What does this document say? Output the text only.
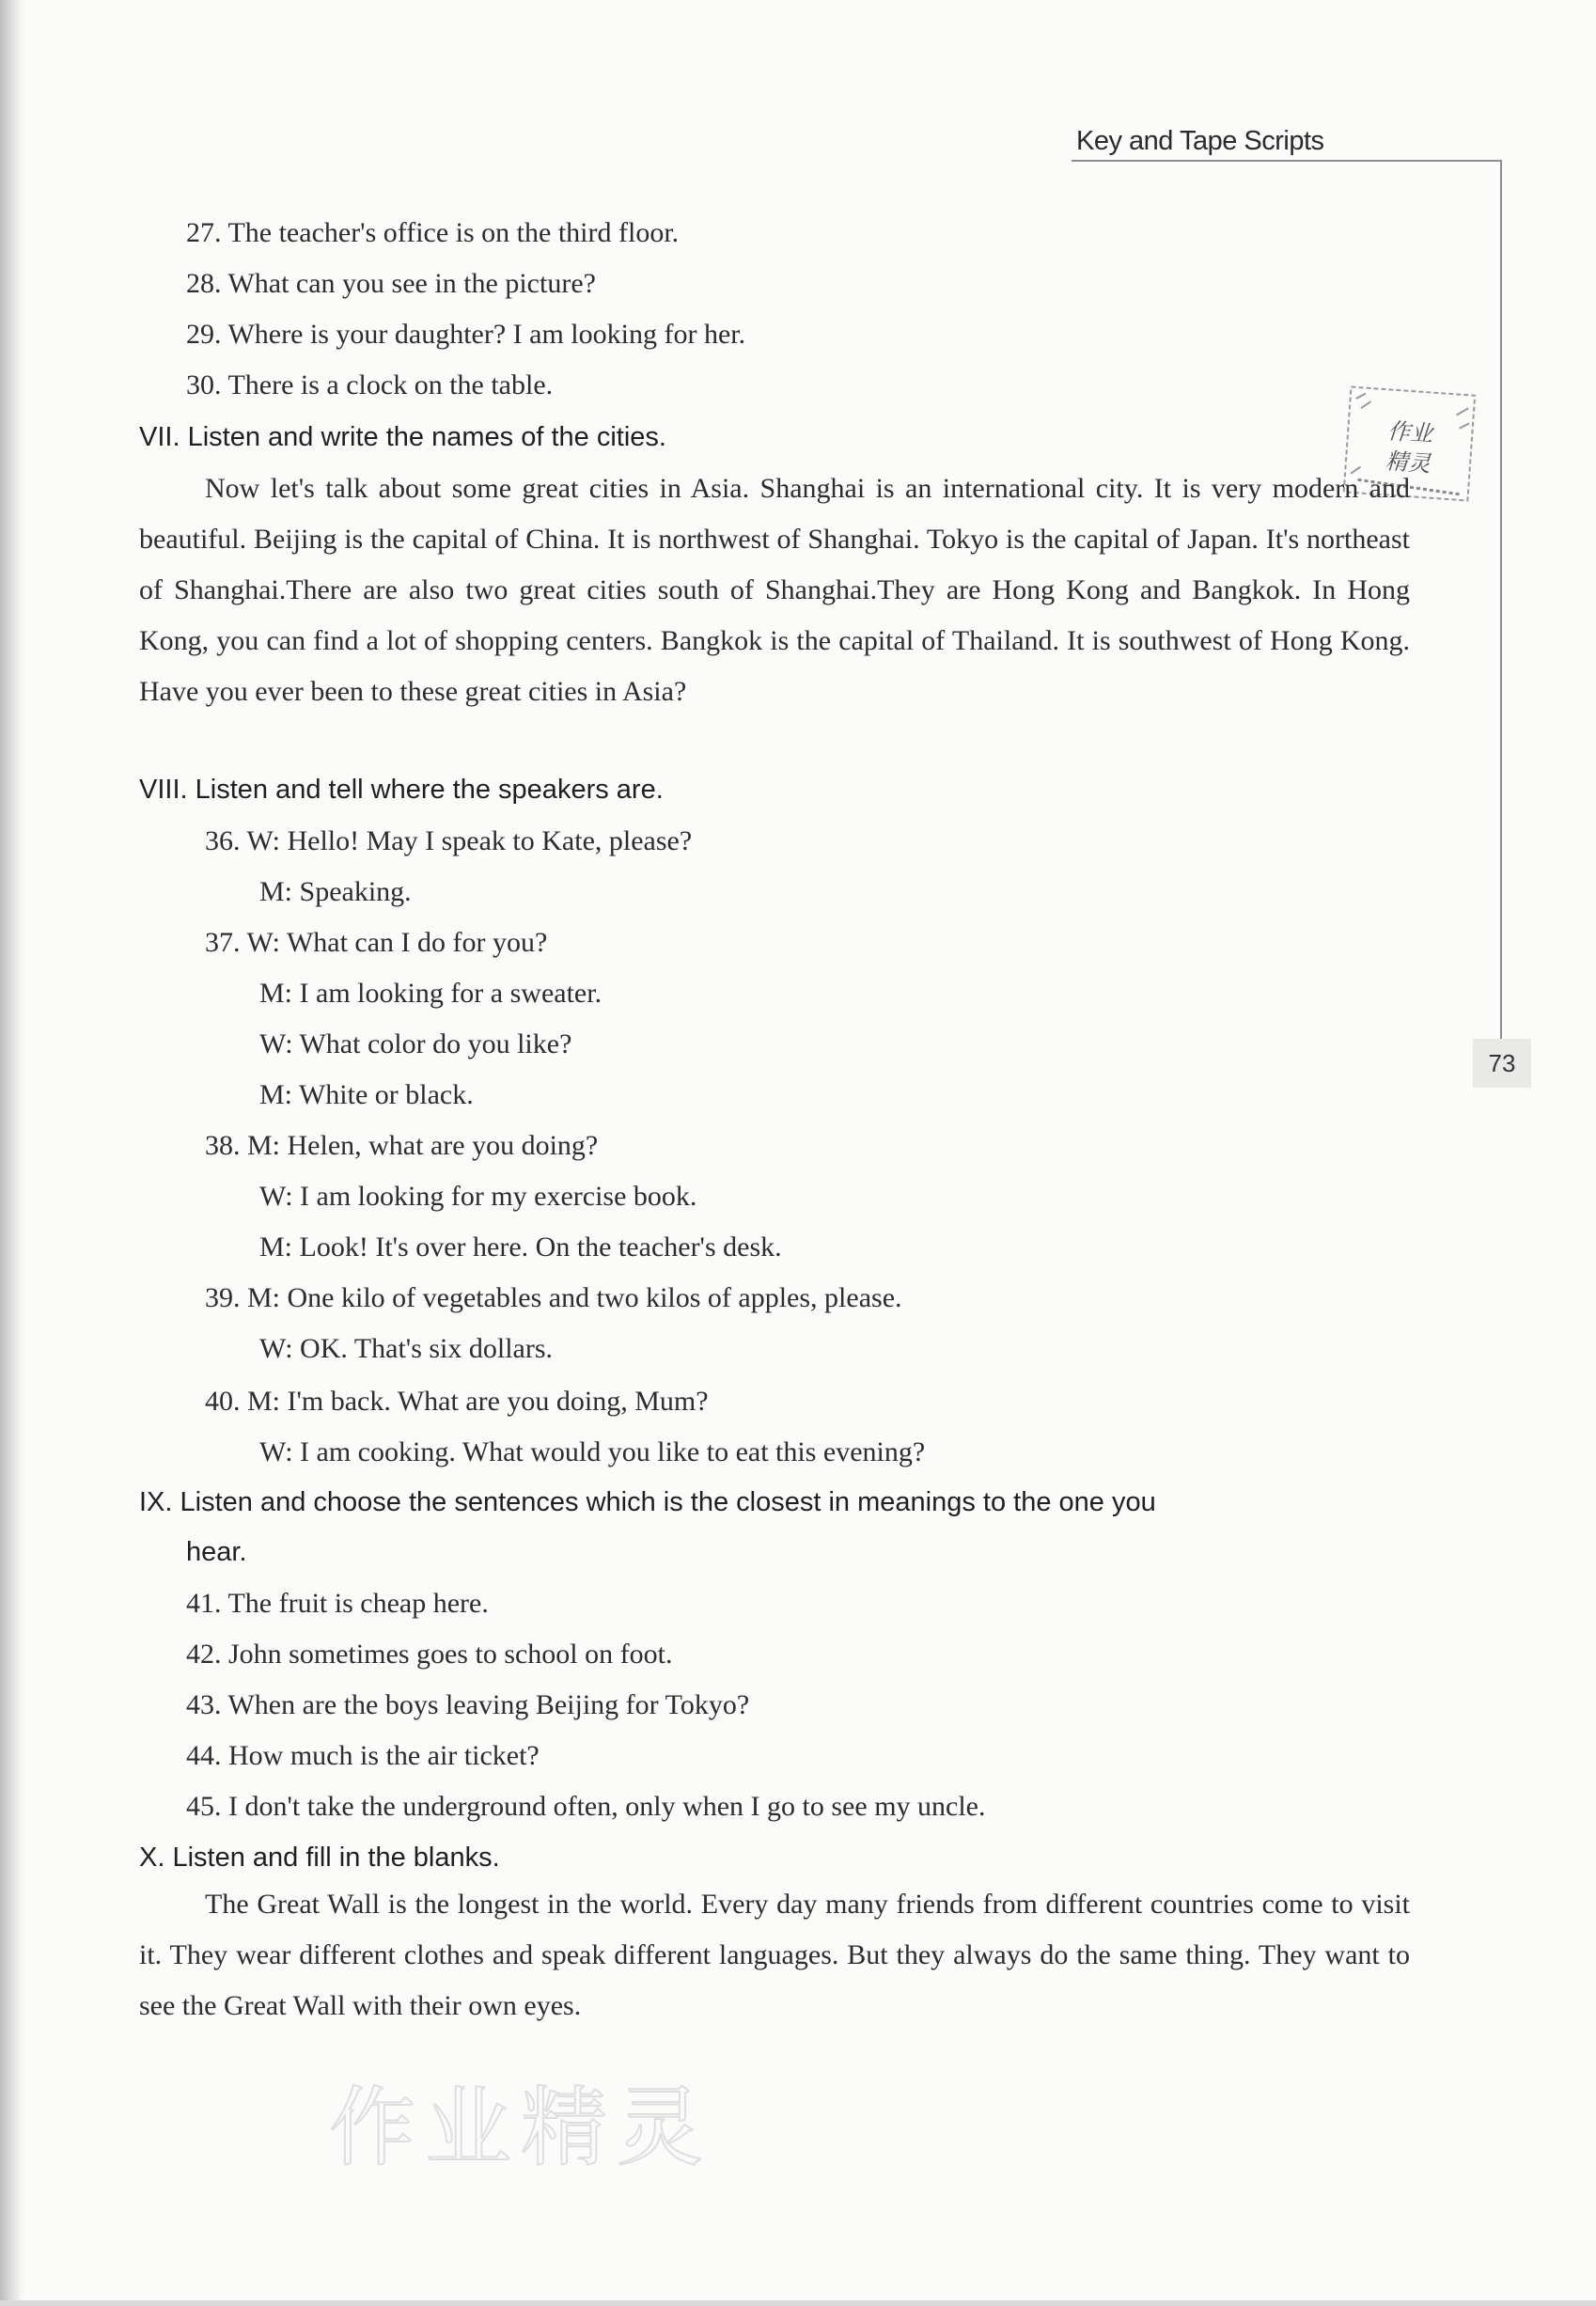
Key and Tape Scripts
73
作业
精灵
27. The teacher's office is on the third floor.
28. What can you see in the picture?
29. Where is your daughter? I am looking for her.
30. There is a clock on the table.
VII. Listen and write the names of the cities.
Now let's talk about some great cities in Asia. Shanghai is an international city. It is very modern and beautiful. Beijing is the capital of China. It is northwest of Shanghai. Tokyo is the capital of Japan. It's northeast of Shanghai.There are also two great cities south of Shanghai.They are Hong Kong and Bangkok. In Hong Kong, you can find a lot of shopping centers. Bangkok is the capital of Thailand. It is southwest of Hong Kong. Have you ever been to these great cities in Asia?
VIII. Listen and tell where the speakers are.
36. W: Hello! May I speak to Kate, please?
M: Speaking.
37. W: What can I do for you?
M: I am looking for a sweater.
W: What color do you like?
M: White or black.
38. M: Helen, what are you doing?
W: I am looking for my exercise book.
M: Look! It's over here. On the teacher's desk.
39. M: One kilo of vegetables and two kilos of apples, please.
W: OK. That's six dollars.
40. M: I'm back. What are you doing, Mum?
W: I am cooking. What would you like to eat this evening?
IX. Listen and choose the sentences which is the closest in meanings to the one you
hear.
41. The fruit is cheap here.
42. John sometimes goes to school on foot.
43. When are the boys leaving Beijing for Tokyo?
44. How much is the air ticket?
45. I don't take the underground often, only when I go to see my uncle.
X. Listen and fill in the blanks.
The Great Wall is the longest in the world. Every day many friends from different countries come to visit it. They wear different clothes and speak different languages. But they always do the same thing. They want to see the Great Wall with their own eyes.
作业精灵
